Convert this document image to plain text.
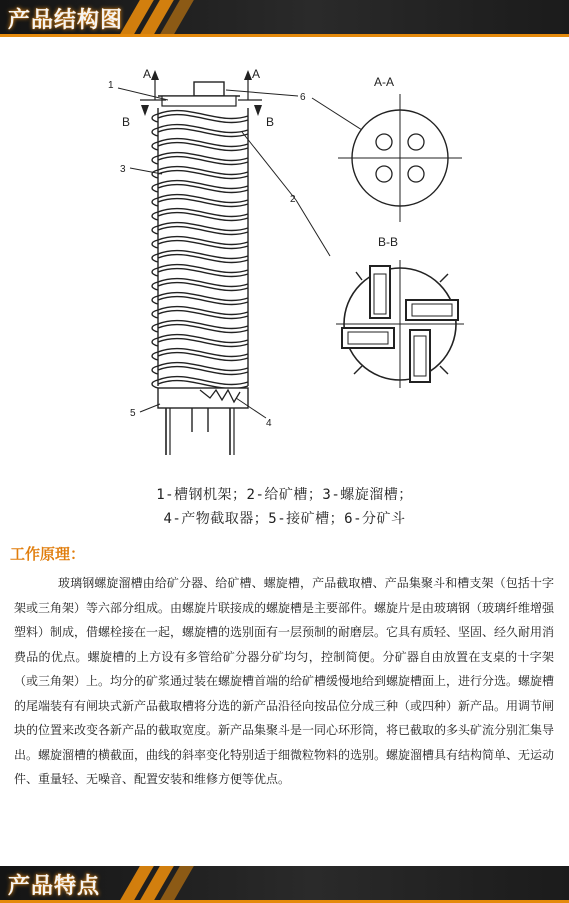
产品结构图
A	A
B	B
1
6
3
2
5
4
A-A
B-B
1-槽钢机架；2-给矿槽；3-螺旋溜槽；
4-产物截取器；5-接矿槽；6-分矿斗
工作原理：

玻璃钢螺旋溜槽由给矿分器、给矿槽、螺旋槽，产品截取槽、产品集聚斗和槽支架（包括十字架或三角架）等六部分组成。由螺旋片联接成的螺旋槽是主要部件。螺旋片是由玻璃钢（玻璃纤维增强塑料）制成，借螺栓接在一起，螺旋槽的选别面有一层预制的耐磨层。它具有质轻、坚固、经久耐用消费品的优点。螺旋槽的上方设有多管给矿分器分矿均匀，控制简便。分矿器自由放置在支桌的十字架（或三角架）上。均分的矿浆通过装在螺旋槽首端的给矿槽缓慢地给到螺旋槽面上，进行分选。螺旋槽的尾端装有有闸块式新产品截取槽将分选的新产品沿径向按品位分成三种（或四种）新产品。用调节闸块的位置来改变各新产品的截取宽度。新产品集聚斗是一同心环形筒，将已截取的多头矿流分别汇集导出。螺旋溜槽的横截面，曲线的斜率变化特别适于细微粒物料的选别。螺旋溜槽具有结构简单、无运动件、重量轻、无噪音、配置安装和维修方便等优点。

产品特点
